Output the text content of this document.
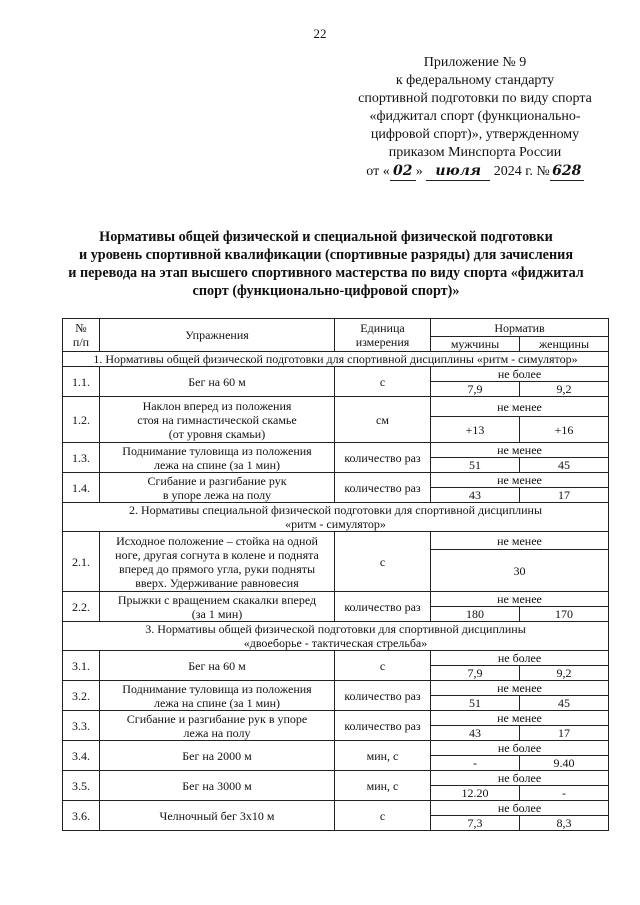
22
Приложение № 9
к федеральному стандарту
спортивной подготовки по виду спорта
«фиджитал спорт (функционально-
цифровой спорт)», утвержденному
приказом Минспорта России
от « 02 » июля 2024 г. № 628
Нормативы общей физической и специальной физической подготовки
и уровень спортивной квалификации (спортивные разряды) для зачисления
и перевода на этап высшего спортивного мастерства по виду спорта «фиджитал
спорт (функционально-цифровой спорт)»
№
п/п	Упражнения	Единица
измерения	Норматив	
			мужчины	женщины
1. Нормативы общей физической подготовки для спортивной дисциплины «ритм - симулятор»				
1.1.	Бег на 60 м	с	не более	
			7,9	9,2
1.2.	Наклон вперед из положения
стоя на гимнастической скамье
(от уровня скамьи)	см	не менее	
			+13	+16
1.3.	Поднимание туловища из положения
лежа на спине (за 1 мин)	количество раз	не менее	
			51	45
1.4.	Сгибание и разгибание рук
в упоре лежа на полу	количество раз	не менее	
			43	17
2. Нормативы специальной физической подготовки для спортивной дисциплины
«ритм - симулятор»				
2.1.	Исходное положение – стойка на одной
ноге, другая согнута в колене и поднята
вперед до прямого угла, руки подняты
вверх. Удерживание равновесия	с	не менее	
			30	
2.2.	Прыжки с вращением скакалки вперед
(за 1 мин)	количество раз	не менее	
			180	170
3. Нормативы общей физической подготовки для спортивной дисциплины
«двоеборье - тактическая стрельба»				
3.1.	Бег на 60 м	с	не более	
			7,9	9,2
3.2.	Поднимание туловища из положения
лежа на спине (за 1 мин)	количество раз	не менее	
			51	45
3.3.	Сгибание и разгибание рук в упоре
лежа на полу	количество раз	не менее	
			43	17
3.4.	Бег на 2000 м	мин, с	не более	
			-	9.40
3.5.	Бег на 3000 м	мин, с	не более	
			12.20	-
3.6.	Челночный бег 3x10 м	с	не более	
			7,3	8,3
